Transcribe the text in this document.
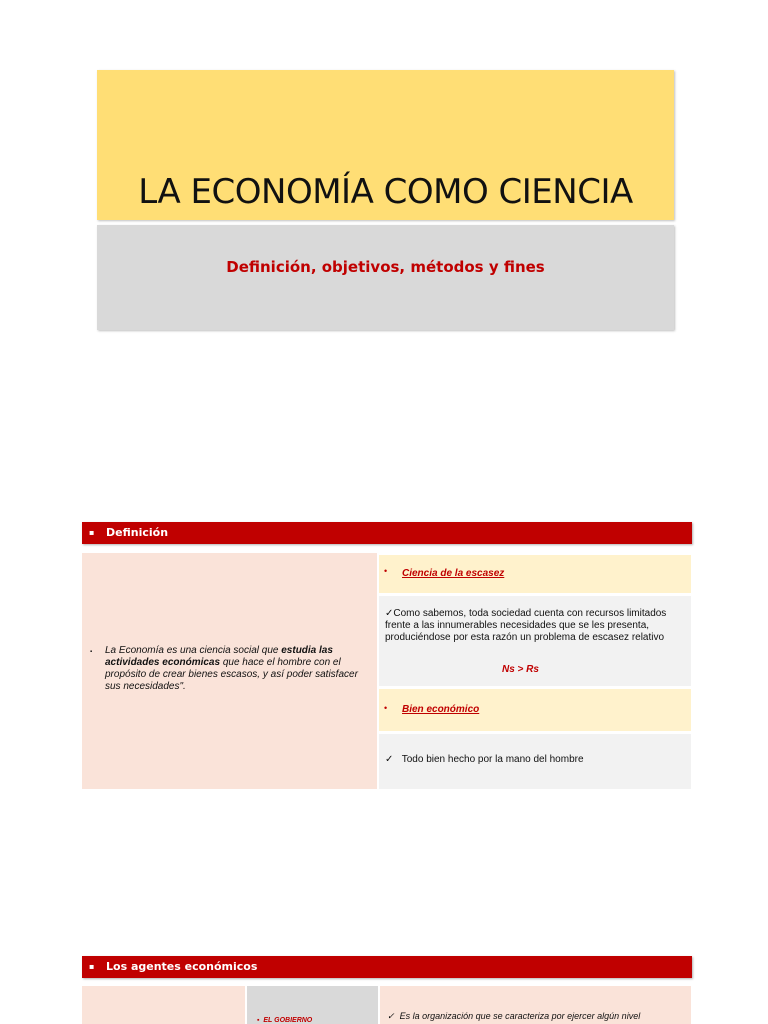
LA ECONOMÍA COMO CIENCIA
Definición, objetivos, métodos y fines
▪ Definición
▪ La Economía es una ciencia social que estudia las actividades económicas que hace el hombre con el propósito de crear bienes escasos, y así poder satisfacer sus necesidades".
• Ciencia de la escasez
✓Como sabemos, toda sociedad cuenta con recursos limitados frente a las innumerables necesidades que se les presenta, produciéndose por esta razón un problema de escasez relativo
Ns > Rs
• Bien económico
✓ Todo bien hecho por la mano del hombre
▪ Los agentes económicos
▪ EL GOBIERNO	✓ Es la organización que se caracteriza por ejercer algún nivel
